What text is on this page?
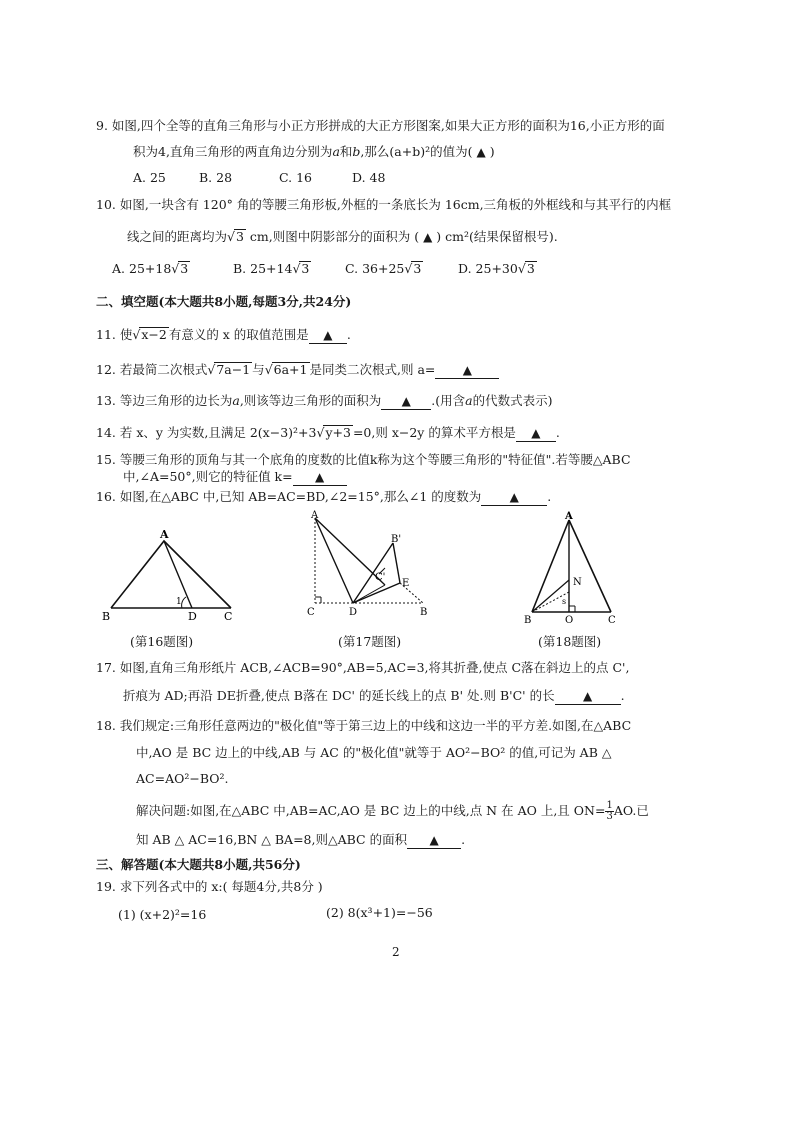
9. 如图,四个全等的直角三角形与小正方形拼成的大正方形图案,如果大正方形的面积为16,小正方形的面
积为4,直角三角形的两直角边分别为a和b,那么(a+b)²的值为( ▲ )
A. 25	B. 28	C. 16	D. 48
10. 如图,一块含有 120° 角的等腰三角形板,外框的一条底长为 16cm,三角板的外框线和与其平行的内框
线之间的距离均为√3 cm,则图中阴影部分的面积为 ( ▲ ) cm²(结果保留根号).
A. 25+18√3	B. 25+14√3	C. 36+25√3	D. 25+30√3
二、填空题(本大题共8小题,每题3分,共24分)
11. 使√x−2 有意义的 x 的取值范围是 ▲ .
12. 若最简二次根式√7a−1 与√6a+1 是同类二次根式,则 a= ▲
13. 等边三角形的边长为a,则该等边三角形的面积为 ▲ .(用含a的代数式表示)
14. 若 x、y 为实数,且满足 2(x−3)²+3√y+3 =0,则 x−2y 的算术平方根是 ▲ .
15. 等腰三角形的顶角与其一个底角的度数的比值k称为这个等腰三角形的"特征值".若等腰△ABC
中,∠A=50°,则它的特征值 k= ▲
16. 如图,在△ABC 中,已知 AB=AC=BD,∠2=15°,那么∠1 的度数为 ▲ .
A
B	D C
1
(第16题图)
A
B'
C'
E
C	D	B
(第17题图)
A
N
s
B	O	C
(第18题图)
17. 如图,直角三角形纸片 ACB,∠ACB=90°,AB=5,AC=3,将其折叠,使点 C落在斜边上的点 C',
折痕为 AD;再沿 DE折叠,使点 B落在 DC' 的延长线上的点 B' 处.则 B'C' 的长 ▲ .
18. 我们规定:三角形任意两边的"极化值"等于第三边上的中线和这边一半的平方差.如图,在△ABC
中,AO 是 BC 边上的中线,AB 与 AC 的"极化值"就等于 AO²−BO² 的值,可记为 AB △
AC=AO²−BO².
解决问题:如图,在△ABC 中,AB=AC,AO 是 BC 边上的中线,点 N 在 AO 上,且 $ON= \frac{1}{3}AO$.已
知 AB △ AC=16,BN △ BA=8,则△ABC 的面积 ▲ .
三、解答题(本大题共8小题,共56分)
19. 求下列各式中的 x:( 每题4分,共8分 )
(1) (x+2)²=16	(2) 8(x³+1)=−56
2
